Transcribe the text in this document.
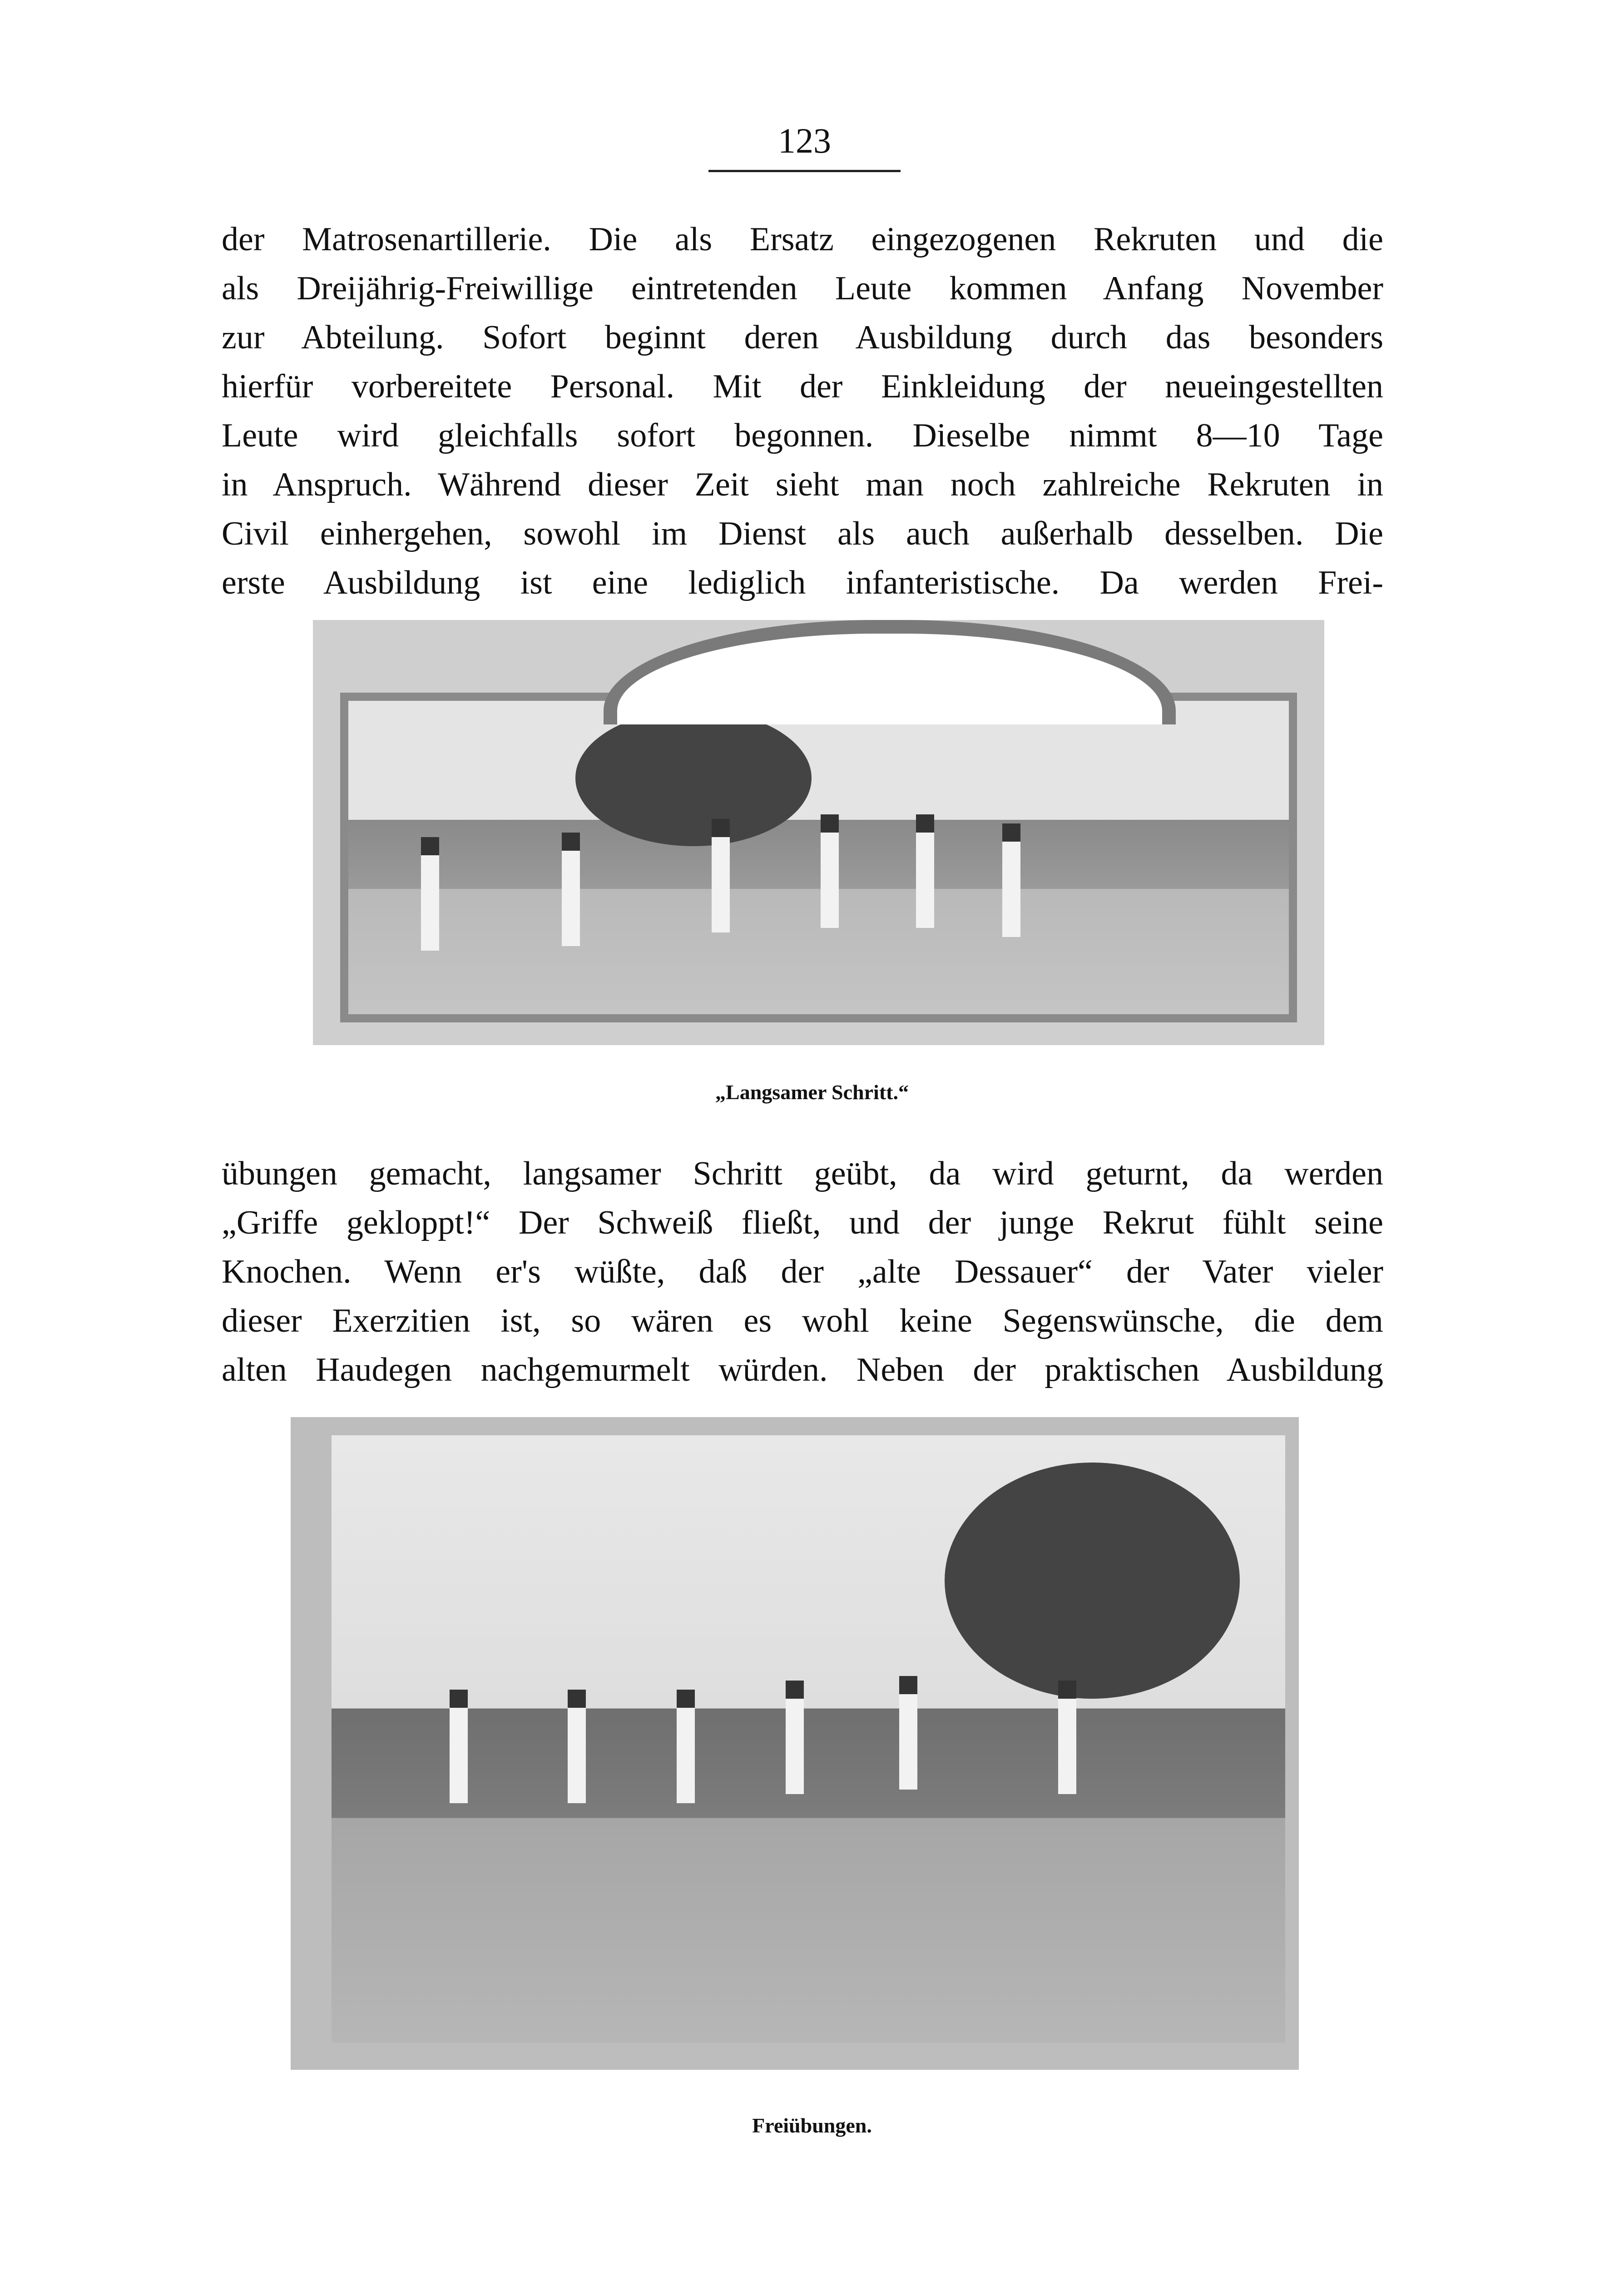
123
der Matrosenartillerie. Die als Ersatz eingezogenen Rekruten und die
als Dreijährig-Freiwillige eintretenden Leute kommen Anfang November
zur Abteilung. Sofort beginnt deren Ausbildung durch das besonders
hierfür vorbereitete Personal. Mit der Einkleidung der neueingestellten
Leute wird gleichfalls sofort begonnen. Dieselbe nimmt 8—10 Tage
in Anspruch. Während dieser Zeit sieht man noch zahlreiche Rekruten in
Civil einhergehen, sowohl im Dienst als auch außerhalb desselben. Die
erste Ausbildung ist eine lediglich infanteristische. Da werden Frei-
„Langsamer Schritt.“
übungen gemacht, langsamer Schritt geübt, da wird geturnt, da werden
„Griffe gekloppt!“ Der Schweiß fließt, und der junge Rekrut fühlt seine
Knochen. Wenn er's wüßte, daß der „alte Dessauer“ der Vater vieler
dieser Exerzitien ist, so wären es wohl keine Segenswünsche, die dem
alten Haudegen nachgemurmelt würden. Neben der praktischen Ausbildung
Freiübungen.
